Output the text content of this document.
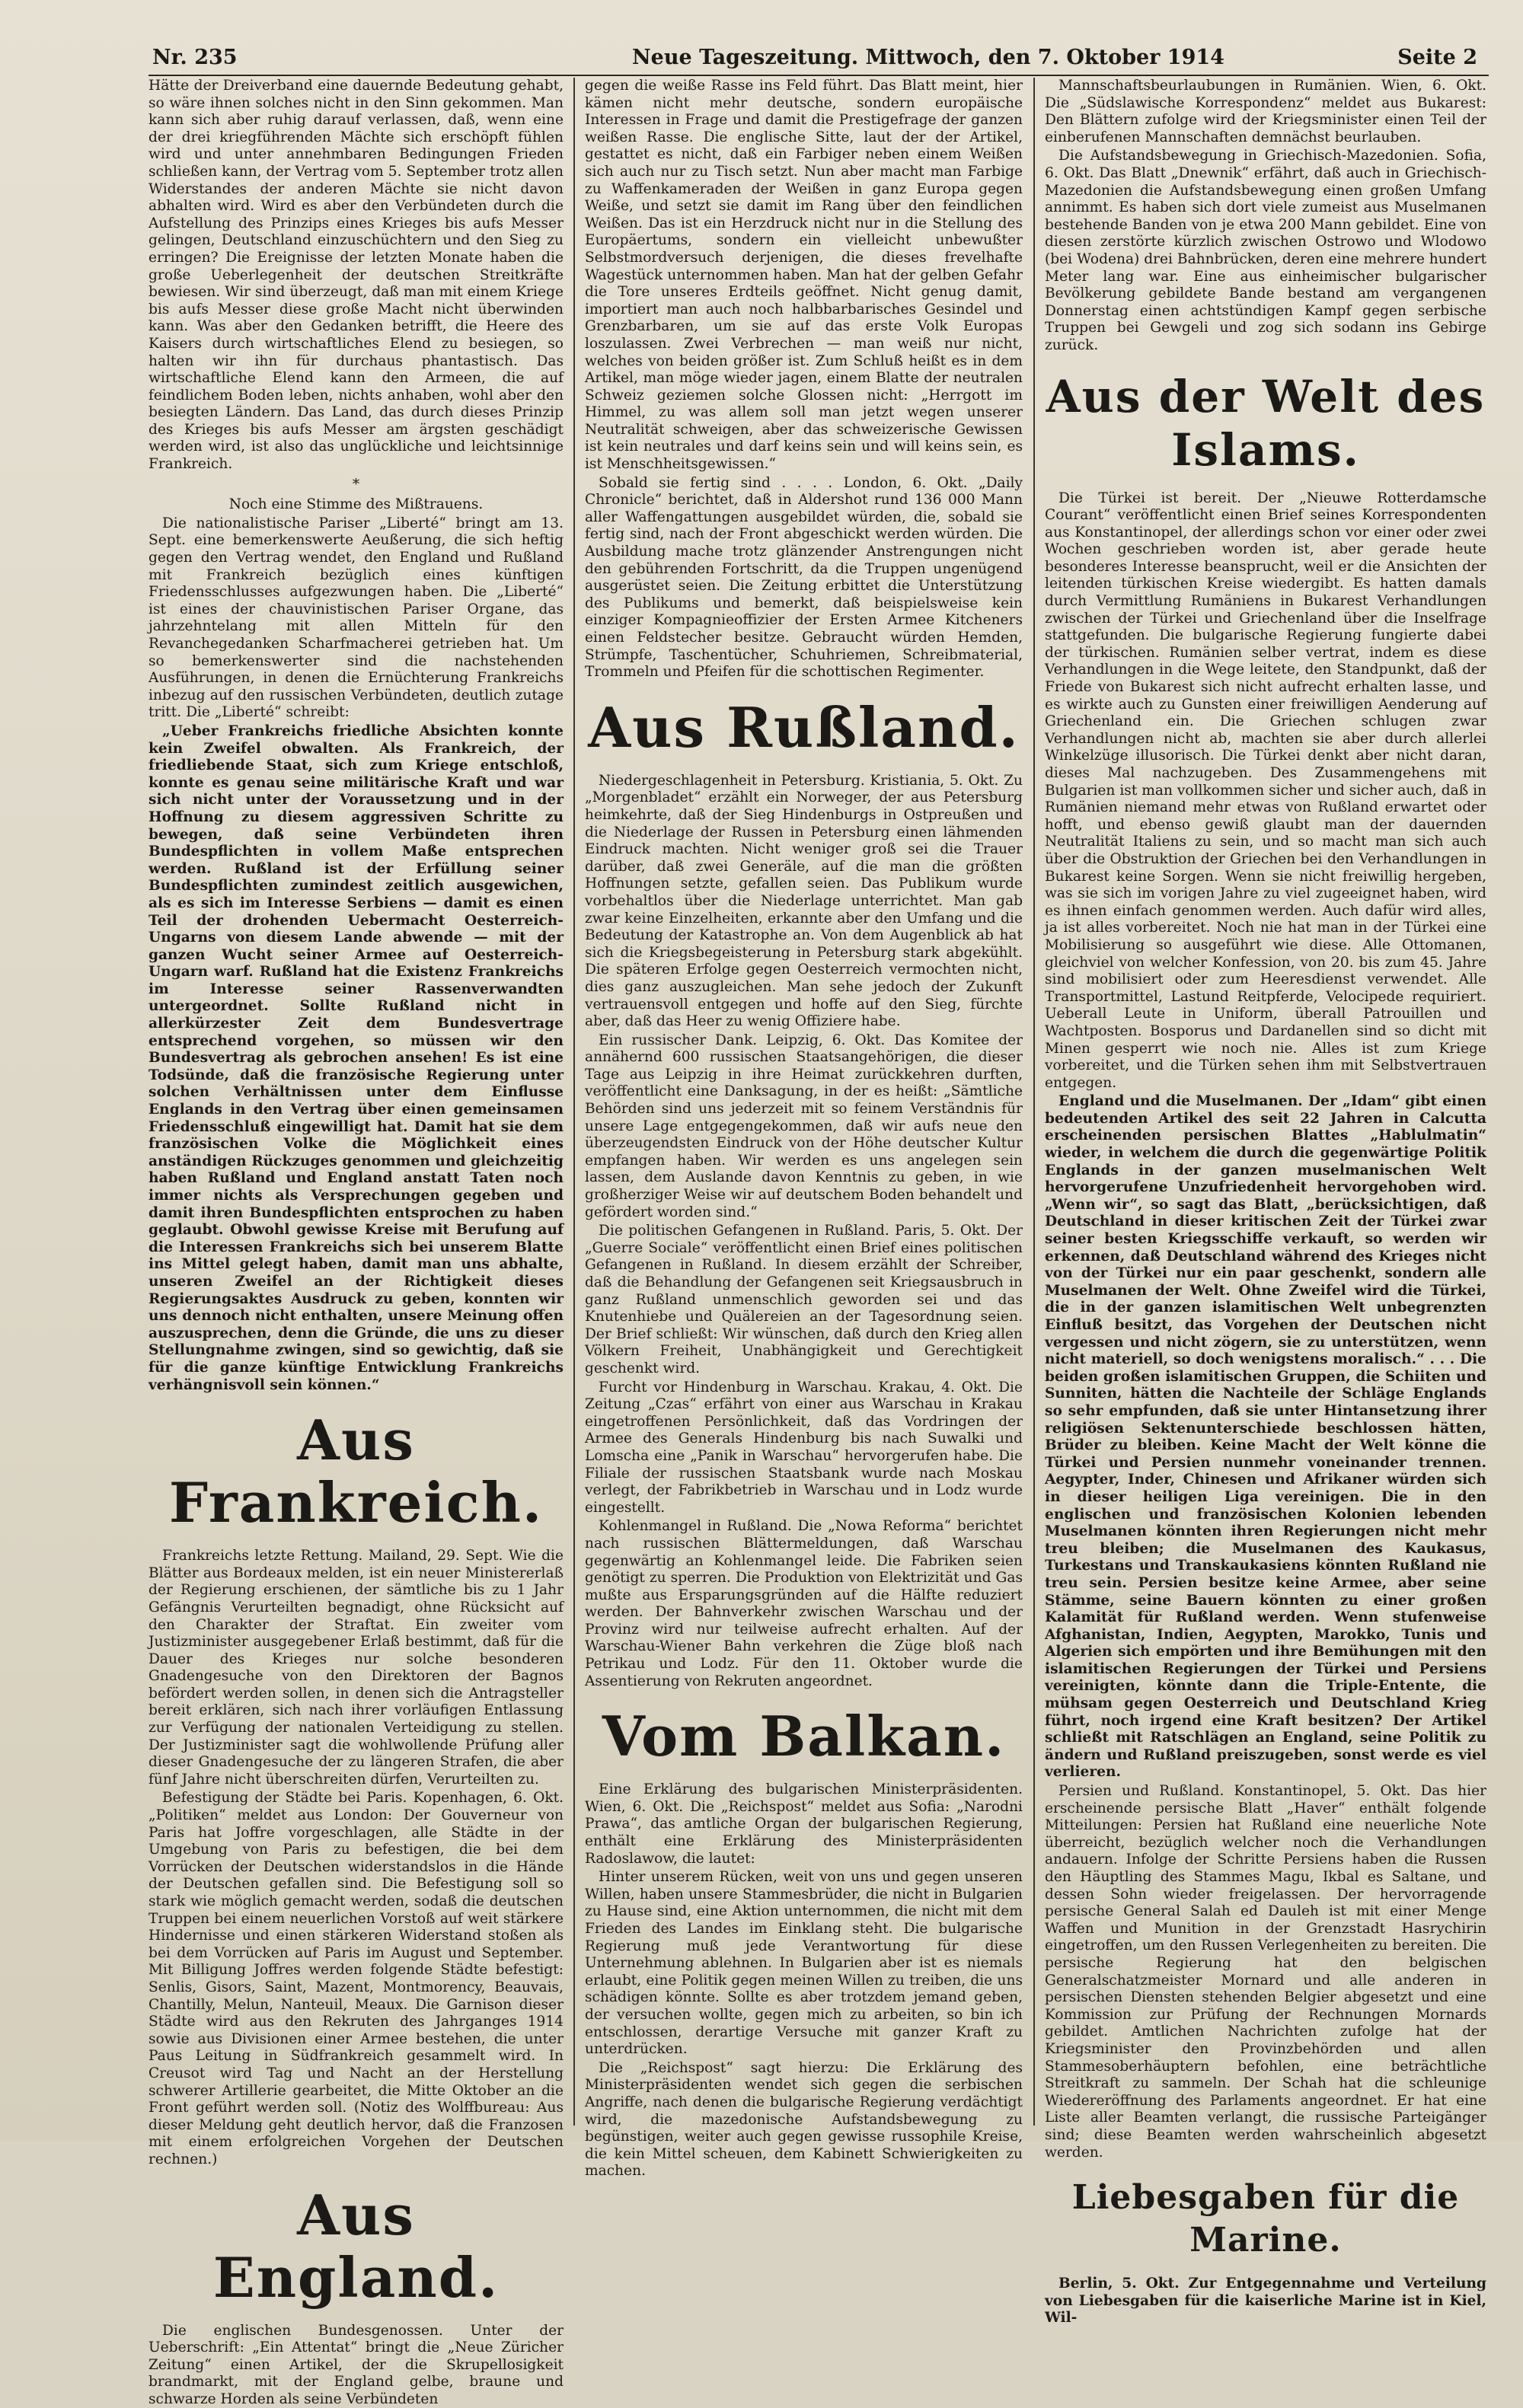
Nr. 235	Neue Tageszeitung. Mittwoch, den 7. Oktober 1914	Seite 2

Hätte der Dreiverband eine dauernde Bedeutung gehabt, so wäre ihnen solches nicht in den Sinn gekommen. Man kann sich aber ruhig darauf verlassen, daß, wenn eine der drei kriegführenden Mächte sich erschöpft fühlen wird und unter annehmbaren Bedingungen Frieden schließen kann, der Vertrag vom 5. September trotz allen Widerstandes der anderen Mächte sie nicht davon abhalten wird. Wird es aber den Verbündeten durch die Aufstellung des Prinzips eines Krieges bis aufs Messer gelingen, Deutschland einzuschüchtern und den Sieg zu erringen? Die Ereignisse der letzten Monate haben die große Ueberlegenheit der deutschen Streitkräfte bewiesen. Wir sind überzeugt, daß man mit einem Kriege bis aufs Messer diese große Macht nicht überwinden kann. Was aber den Gedanken betrifft, die Heere des Kaisers durch wirtschaftliches Elend zu besiegen, so halten wir ihn für durchaus phantastisch. Das wirtschaftliche Elend kann den Armeen, die auf feindlichem Boden leben, nichts anhaben, wohl aber den besiegten Ländern. Das Land, das durch dieses Prinzip des Krieges bis aufs Messer am ärgsten geschädigt werden wird, ist also das unglückliche und leichtsinnige Frankreich.

*

Noch eine Stimme des Mißtrauens.

Die nationalistische Pariser „Liberté“ bringt am 13. Sept. eine bemerkenswerte Aeußerung, die sich heftig gegen den Vertrag wendet, den England und Rußland mit Frankreich bezüglich eines künftigen Friedensschlusses aufgezwungen haben. Die „Liberté“ ist eines der chauvinistischen Pariser Organe, das jahrzehntelang mit allen Mitteln für den Revanchegedanken Scharfmacherei getrieben hat. Um so bemerkenswerter sind die nachstehenden Ausführungen, in denen die Ernüchterung Frankreichs inbezug auf den russischen Verbündeten, deutlich zutage tritt. Die „Liberté“ schreibt:

„Ueber Frankreichs friedliche Absichten konnte kein Zweifel obwalten. Als Frankreich, der friedliebende Staat, sich zum Kriege entschloß, konnte es genau seine militärische Kraft und war sich nicht unter der Voraussetzung und in der Hoffnung zu diesem aggressiven Schritte zu bewegen, daß seine Verbündeten ihren Bundespflichten in vollem Maße entsprechen werden. Rußland ist der Erfüllung seiner Bundespflichten zumindest zeitlich ausgewichen, als es sich im Interesse Serbiens — damit es einen Teil der drohenden Uebermacht Oesterreich-Ungarns von diesem Lande abwende — mit der ganzen Wucht seiner Armee auf Oesterreich-Ungarn warf. Rußland hat die Existenz Frankreichs im Interesse seiner Rassenverwandten untergeordnet. Sollte Rußland nicht in allerkürzester Zeit dem Bundesvertrage entsprechend vorgehen, so müssen wir den Bundesvertrag als gebrochen ansehen! Es ist eine Todsünde, daß die französische Regierung unter solchen Verhältnissen unter dem Einflusse Englands in den Vertrag über einen gemeinsamen Friedensschluß eingewilligt hat. Damit hat sie dem französischen Volke die Möglichkeit eines anständigen Rückzuges genommen und gleichzeitig haben Rußland und England anstatt Taten noch immer nichts als Versprechungen gegeben und damit ihren Bundespflichten entsprochen zu haben geglaubt. Obwohl gewisse Kreise mit Berufung auf die Interessen Frankreichs sich bei unserem Blatte ins Mittel gelegt haben, damit man uns abhalte, unseren Zweifel an der Richtigkeit dieses Regierungsaktes Ausdruck zu geben, konnten wir uns dennoch nicht enthalten, unsere Meinung offen auszusprechen, denn die Gründe, die uns zu dieser Stellungnahme zwingen, sind so gewichtig, daß sie für die ganze künftige Entwicklung Frankreichs verhängnisvoll sein können.“

Aus Frankreich.

Frankreichs letzte Rettung. Mailand, 29. Sept. Wie die Blätter aus Bordeaux melden, ist ein neuer Ministererlaß der Regierung erschienen, der sämtliche bis zu 1 Jahr Gefängnis Verurteilten begnadigt, ohne Rücksicht auf den Charakter der Straftat. Ein zweiter vom Justizminister ausgegebener Erlaß bestimmt, daß für die Dauer des Krieges nur solche besonderen Gnadengesuche von den Direktoren der Bagnos befördert werden sollen, in denen sich die Antragsteller bereit erklären, sich nach ihrer vorläufigen Entlassung zur Verfügung der nationalen Verteidigung zu stellen. Der Justizminister sagt die wohlwollende Prüfung aller dieser Gnadengesuche der zu längeren Strafen, die aber fünf Jahre nicht überschreiten dürfen, Verurteilten zu.

Befestigung der Städte bei Paris. Kopenhagen, 6. Okt. „Politiken“ meldet aus London: Der Gouverneur von Paris hat Joffre vorgeschlagen, alle Städte in der Umgebung von Paris zu befestigen, die bei dem Vorrücken der Deutschen widerstandslos in die Hände der Deutschen gefallen sind. Die Befestigung soll so stark wie möglich gemacht werden, sodaß die deutschen Truppen bei einem neuerlichen Vorstoß auf weit stärkere Hindernisse und einen stärkeren Widerstand stoßen als bei dem Vorrücken auf Paris im August und September. Mit Billigung Joffres werden folgende Städte befestigt: Senlis, Gisors, Saint, Mazent, Montmorency, Beauvais, Chantilly, Melun, Nanteuil, Meaux. Die Garnison dieser Städte wird aus den Rekruten des Jahrganges 1914 sowie aus Divisionen einer Armee bestehen, die unter Paus Leitung in Südfrankreich gesammelt wird. In Creusot wird Tag und Nacht an der Herstellung schwerer Artillerie gearbeitet, die Mitte Oktober an die Front geführt werden soll. (Notiz des Wolffbureau: Aus dieser Meldung geht deutlich hervor, daß die Franzosen mit einem erfolgreichen Vorgehen der Deutschen rechnen.)

Aus England.

Die englischen Bundesgenossen. Unter der Ueberschrift: „Ein Attentat“ bringt die „Neue Züricher Zeitung“ einen Artikel, der die Skrupellosigkeit brandmarkt, mit der England gelbe, braune und schwarze Horden als seine Verbündeten

gegen die weiße Rasse ins Feld führt. Das Blatt meint, hier kämen nicht mehr deutsche, sondern europäische Interessen in Frage und damit die Prestigefrage der ganzen weißen Rasse. Die englische Sitte, laut der der Artikel, gestattet es nicht, daß ein Farbiger neben einem Weißen sich auch nur zu Tisch setzt. Nun aber macht man Farbige zu Waffenkameraden der Weißen in ganz Europa gegen Weiße, und setzt sie damit im Rang über den feindlichen Weißen. Das ist ein Herzdruck nicht nur in die Stellung des Europäertums, sondern ein vielleicht unbewußter Selbstmordversuch derjenigen, die dieses frevelhafte Wagestück unternommen haben. Man hat der gelben Gefahr die Tore unseres Erdteils geöffnet. Nicht genug damit, importiert man auch noch halbbarbarisches Gesindel und Grenzbarbaren, um sie auf das erste Volk Europas loszulassen. Zwei Verbrechen — man weiß nur nicht, welches von beiden größer ist. Zum Schluß heißt es in dem Artikel, man möge wieder jagen, einem Blatte der neutralen Schweiz geziemen solche Glossen nicht: „Herrgott im Himmel, zu was allem soll man jetzt wegen unserer Neutralität schweigen, aber das schweizerische Gewissen ist kein neutrales und darf keins sein und will keins sein, es ist Menschheitsgewissen.“

Sobald sie fertig sind . . . . London, 6. Okt. „Daily Chronicle“ berichtet, daß in Aldershot rund 136 000 Mann aller Waffengattungen ausgebildet würden, die, sobald sie fertig sind, nach der Front abgeschickt werden würden. Die Ausbildung mache trotz glänzender Anstrengungen nicht den gebührenden Fortschritt, da die Truppen ungenügend ausgerüstet seien. Die Zeitung erbittet die Unterstützung des Publikums und bemerkt, daß beispielsweise kein einziger Kompagnieoffizier der Ersten Armee Kitcheners einen Feldstecher besitze. Gebraucht würden Hemden, Strümpfe, Taschentücher, Schuhriemen, Schreibmaterial, Trommeln und Pfeifen für die schottischen Regimenter.

Aus Rußland.

Niedergeschlagenheit in Petersburg. Kristiania, 5. Okt. Zu „Morgenbladet“ erzählt ein Norweger, der aus Petersburg heimkehrte, daß der Sieg Hindenburgs in Ostpreußen und die Niederlage der Russen in Petersburg einen lähmenden Eindruck machten. Nicht weniger groß sei die Trauer darüber, daß zwei Generäle, auf die man die größten Hoffnungen setzte, gefallen seien. Das Publikum wurde vorbehaltlos über die Niederlage unterrichtet. Man gab zwar keine Einzelheiten, erkannte aber den Umfang und die Bedeutung der Katastrophe an. Von dem Augenblick ab hat sich die Kriegsbegeisterung in Petersburg stark abgekühlt. Die späteren Erfolge gegen Oesterreich vermochten nicht, dies ganz auszugleichen. Man sehe jedoch der Zukunft vertrauensvoll entgegen und hoffe auf den Sieg, fürchte aber, daß das Heer zu wenig Offiziere habe.

Ein russischer Dank. Leipzig, 6. Okt. Das Komitee der annähernd 600 russischen Staatsangehörigen, die dieser Tage aus Leipzig in ihre Heimat zurückkehren durften, veröffentlicht eine Danksagung, in der es heißt: „Sämtliche Behörden sind uns jederzeit mit so feinem Verständnis für unsere Lage entgegengekommen, daß wir aufs neue den überzeugendsten Eindruck von der Höhe deutscher Kultur empfangen haben. Wir werden es uns angelegen sein lassen, dem Auslande davon Kenntnis zu geben, in wie großherziger Weise wir auf deutschem Boden behandelt und gefördert worden sind.“

Die politischen Gefangenen in Rußland. Paris, 5. Okt. Der „Guerre Sociale“ veröffentlicht einen Brief eines politischen Gefangenen in Rußland. In diesem erzählt der Schreiber, daß die Behandlung der Gefangenen seit Kriegsausbruch in ganz Rußland unmenschlich geworden sei und das Knutenhiebe und Quälereien an der Tagesordnung seien. Der Brief schließt: Wir wünschen, daß durch den Krieg allen Völkern Freiheit, Unabhängigkeit und Gerechtigkeit geschenkt wird.

Furcht vor Hindenburg in Warschau. Krakau, 4. Okt. Die Zeitung „Czas“ erfährt von einer aus Warschau in Krakau eingetroffenen Persönlichkeit, daß das Vordringen der Armee des Generals Hindenburg bis nach Suwalki und Lomscha eine „Panik in Warschau“ hervorgerufen habe. Die Filiale der russischen Staatsbank wurde nach Moskau verlegt, der Fabrikbetrieb in Warschau und in Lodz wurde eingestellt.

Kohlenmangel in Rußland. Die „Nowa Reforma“ berichtet nach russischen Blättermeldungen, daß Warschau gegenwärtig an Kohlenmangel leide. Die Fabriken seien genötigt zu sperren. Die Produktion von Elektrizität und Gas mußte aus Ersparungsgründen auf die Hälfte reduziert werden. Der Bahnverkehr zwischen Warschau und der Provinz wird nur teilweise aufrecht erhalten. Auf der Warschau-Wiener Bahn verkehren die Züge bloß nach Petrikau und Lodz. Für den 11. Oktober wurde die Assentierung von Rekruten angeordnet.

Vom Balkan.

Eine Erklärung des bulgarischen Ministerpräsidenten. Wien, 6. Okt. Die „Reichspost“ meldet aus Sofia: „Narodni Prawa“, das amtliche Organ der bulgarischen Regierung, enthält eine Erklärung des Ministerpräsidenten Radoslawow, die lautet:

Hinter unserem Rücken, weit von uns und gegen unseren Willen, haben unsere Stammesbrüder, die nicht in Bulgarien zu Hause sind, eine Aktion unternommen, die nicht mit dem Frieden des Landes im Einklang steht. Die bulgarische Regierung muß jede Verantwortung für diese Unternehmung ablehnen. In Bulgarien aber ist es niemals erlaubt, eine Politik gegen meinen Willen zu treiben, die uns schädigen könnte. Sollte es aber trotzdem jemand geben, der versuchen wollte, gegen mich zu arbeiten, so bin ich entschlossen, derartige Versuche mit ganzer Kraft zu unterdrücken.

Die „Reichspost“ sagt hierzu: Die Erklärung des Ministerpräsidenten wendet sich gegen die serbischen Angriffe, nach denen die bulgarische Regierung verdächtigt wird, die mazedonische Aufstandsbewegung zu begünstigen, weiter auch gegen gewisse russophile Kreise, die kein Mittel scheuen, dem Kabinett Schwierigkeiten zu machen.

Mannschaftsbeurlaubungen in Rumänien. Wien, 6. Okt. Die „Südslawische Korrespondenz“ meldet aus Bukarest: Den Blättern zufolge wird der Kriegsminister einen Teil der einberufenen Mannschaften demnächst beurlauben.

Die Aufstandsbewegung in Griechisch-Mazedonien. Sofia, 6. Okt. Das Blatt „Dnewnik“ erfährt, daß auch in Griechisch-Mazedonien die Aufstandsbewegung einen großen Umfang annimmt. Es haben sich dort viele zumeist aus Muselmanen bestehende Banden von je etwa 200 Mann gebildet. Eine von diesen zerstörte kürzlich zwischen Ostrowo und Wlodowo (bei Wodena) drei Bahnbrücken, deren eine mehrere hundert Meter lang war. Eine aus einheimischer bulgarischer Bevölkerung gebildete Bande bestand am vergangenen Donnerstag einen achtstündigen Kampf gegen serbische Truppen bei Gewgeli und zog sich sodann ins Gebirge zurück.

Aus der Welt des Islams.

Die Türkei ist bereit. Der „Nieuwe Rotterdamsche Courant“ veröffentlicht einen Brief seines Korrespondenten aus Konstantinopel, der allerdings schon vor einer oder zwei Wochen geschrieben worden ist, aber gerade heute besonderes Interesse beansprucht, weil er die Ansichten der leitenden türkischen Kreise wiedergibt. Es hatten damals durch Vermittlung Rumäniens in Bukarest Verhandlungen zwischen der Türkei und Griechenland über die Inselfrage stattgefunden. Die bulgarische Regierung fungierte dabei der türkischen. Rumänien selber vertrat, indem es diese Verhandlungen in die Wege leitete, den Standpunkt, daß der Friede von Bukarest sich nicht aufrecht erhalten lasse, und es wirkte auch zu Gunsten einer freiwilligen Aenderung auf Griechenland ein. Die Griechen schlugen zwar Verhandlungen nicht ab, machten sie aber durch allerlei Winkelzüge illusorisch. Die Türkei denkt aber nicht daran, dieses Mal nachzugeben. Des Zusammengehens mit Bulgarien ist man vollkommen sicher und sicher auch, daß in Rumänien niemand mehr etwas von Rußland erwartet oder hofft, und ebenso gewiß glaubt man der dauernden Neutralität Italiens zu sein, und so macht man sich auch über die Obstruktion der Griechen bei den Verhandlungen in Bukarest keine Sorgen. Wenn sie nicht freiwillig hergeben, was sie sich im vorigen Jahre zu viel zugeeignet haben, wird es ihnen einfach genommen werden. Auch dafür wird alles, ja ist alles vorbereitet. Noch nie hat man in der Türkei eine Mobilisierung so ausgeführt wie diese. Alle Ottomanen, gleichviel von welcher Konfession, von 20. bis zum 45. Jahre sind mobilisiert oder zum Heeresdienst verwendet. Alle Transportmittel, Lastund Reitpferde, Velocipede requiriert. Ueberall Leute in Uniform, überall Patrouillen und Wachtposten. Bosporus und Dardanellen sind so dicht mit Minen gesperrt wie noch nie. Alles ist zum Kriege vorbereitet, und die Türken sehen ihm mit Selbstvertrauen entgegen.

England und die Muselmanen. Der „Idam“ gibt einen bedeutenden Artikel des seit 22 Jahren in Calcutta erscheinenden persischen Blattes „Hablulmatin“ wieder, in welchem die durch die gegenwärtige Politik Englands in der ganzen muselmanischen Welt hervorgerufene Unzufriedenheit hervorgehoben wird. „Wenn wir“, so sagt das Blatt, „berücksichtigen, daß Deutschland in dieser kritischen Zeit der Türkei zwar seiner besten Kriegsschiffe verkauft, so werden wir erkennen, daß Deutschland während des Krieges nicht von der Türkei nur ein paar geschenkt, sondern alle Muselmanen der Welt. Ohne Zweifel wird die Türkei, die in der ganzen islamitischen Welt unbegrenzten Einfluß besitzt, das Vorgehen der Deutschen nicht vergessen und nicht zögern, sie zu unterstützen, wenn nicht materiell, so doch wenigstens moralisch.“ . . . Die beiden großen islamitischen Gruppen, die Schiiten und Sunniten, hätten die Nachteile der Schläge Englands so sehr empfunden, daß sie unter Hintansetzung ihrer religiösen Sektenunterschiede beschlossen hätten, Brüder zu bleiben. Keine Macht der Welt könne die Türkei und Persien nunmehr voneinander trennen. Aegypter, Inder, Chinesen und Afrikaner würden sich in dieser heiligen Liga vereinigen. Die in den englischen und französischen Kolonien lebenden Muselmanen könnten ihren Regierungen nicht mehr treu bleiben; die Muselmanen des Kaukasus, Turkestans und Transkaukasiens könnten Rußland nie treu sein. Persien besitze keine Armee, aber seine Stämme, seine Bauern könnten zu einer großen Kalamität für Rußland werden. Wenn stufenweise Afghanistan, Indien, Aegypten, Marokko, Tunis und Algerien sich empörten und ihre Bemühungen mit den islamitischen Regierungen der Türkei und Persiens vereinigten, könnte dann die Triple-Entente, die mühsam gegen Oesterreich und Deutschland Krieg führt, noch irgend eine Kraft besitzen? Der Artikel schließt mit Ratschlägen an England, seine Politik zu ändern und Rußland preiszugeben, sonst werde es viel verlieren.

Persien und Rußland. Konstantinopel, 5. Okt. Das hier erscheinende persische Blatt „Haver“ enthält folgende Mitteilungen: Persien hat Rußland eine neuerliche Note überreicht, bezüglich welcher noch die Verhandlungen andauern. Infolge der Schritte Persiens haben die Russen den Häuptling des Stammes Magu, Ikbal es Saltane, und dessen Sohn wieder freigelassen. Der hervorragende persische General Salah ed Dauleh ist mit einer Menge Waffen und Munition in der Grenzstadt Hasrychirin eingetroffen, um den Russen Verlegenheiten zu bereiten. Die persische Regierung hat den belgischen Generalschatzmeister Mornard und alle anderen in persischen Diensten stehenden Belgier abgesetzt und eine Kommission zur Prüfung der Rechnungen Mornards gebildet. Amtlichen Nachrichten zufolge hat der Kriegsminister den Provinzbehörden und allen Stammesoberhäuptern befohlen, eine beträchtliche Streitkraft zu sammeln. Der Schah hat die schleunige Wiedereröffnung des Parlaments angeordnet. Er hat eine Liste aller Beamten verlangt, die russische Parteigänger sind; diese Beamten werden wahrscheinlich abgesetzt werden.

Liebesgaben für die Marine.

Berlin, 5. Okt. Zur Entgegennahme und Verteilung von Liebesgaben für die kaiserliche Marine ist in Kiel, Wil-
